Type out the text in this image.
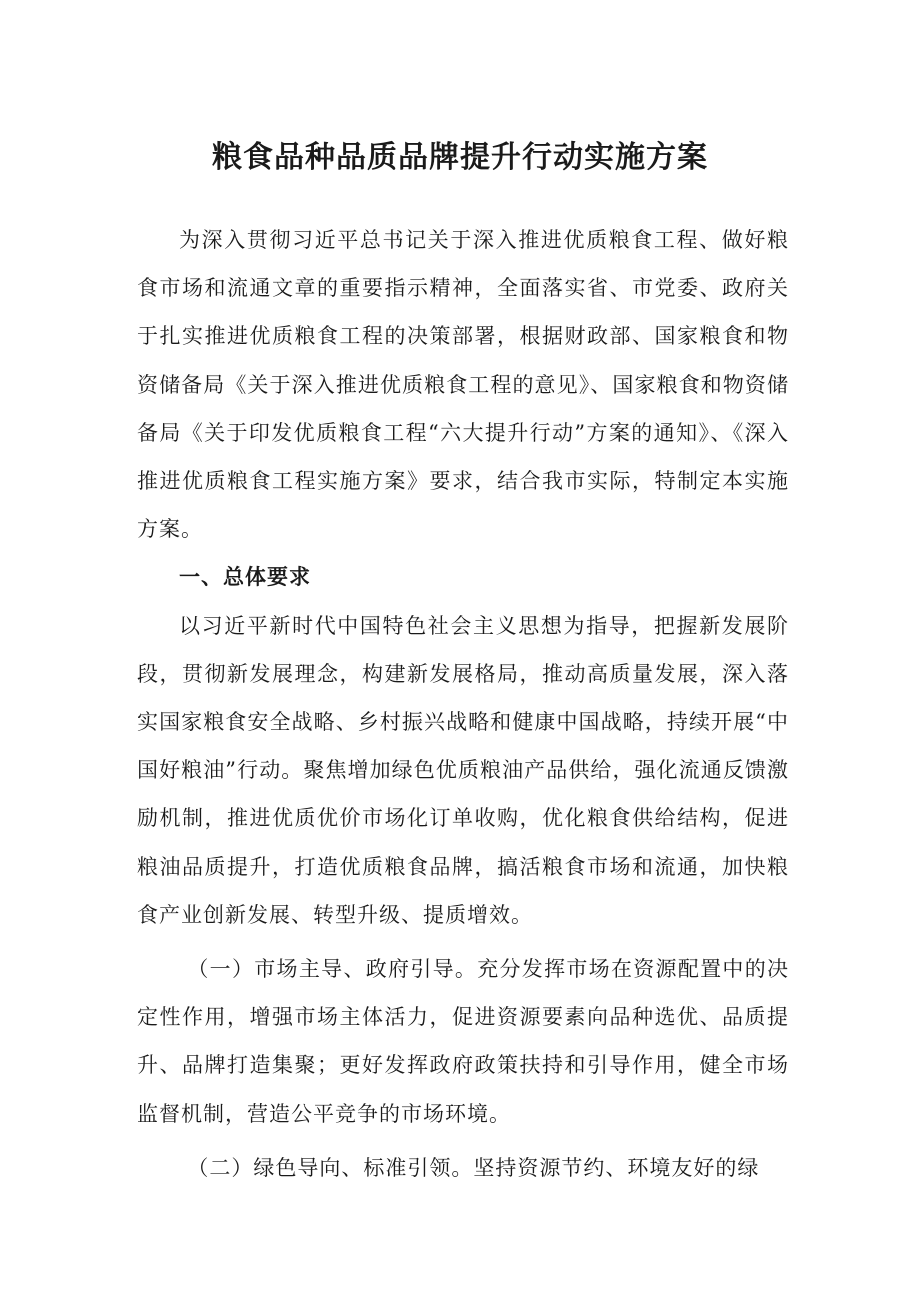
粮食品种品质品牌提升行动实施方案

为深入贯彻习近平总书记关于深入推进优质粮食工程、做好粮食市场和流通文章的重要指示精神，全面落实省、市党委、政府关于扎实推进优质粮食工程的决策部署，根据财政部、国家粮食和物资储备局《关于深入推进优质粮食工程的意见》、国家粮食和物资储备局《关于印发优质粮食工程“六大提升行动”方案的通知》、《深入推进优质粮食工程实施方案》要求，结合我市实际，特制定本实施方案。

一、总体要求

以习近平新时代中国特色社会主义思想为指导，把握新发展阶段，贯彻新发展理念，构建新发展格局，推动高质量发展，深入落实国家粮食安全战略、乡村振兴战略和健康中国战略，持续开展“中国好粮油”行动。聚焦增加绿色优质粮油产品供给，强化流通反馈激励机制，推进优质优价市场化订单收购，优化粮食供给结构，促进粮油品质提升，打造优质粮食品牌，搞活粮食市场和流通，加快粮食产业创新发展、转型升级、提质增效。

（一）市场主导、政府引导。充分发挥市场在资源配置中的决定性作用，增强市场主体活力，促进资源要素向品种选优、品质提升、品牌打造集聚；更好发挥政府政策扶持和引导作用，健全市场监督机制，营造公平竞争的市场环境。

（二）绿色导向、标准引领。坚持资源节约、环境友好的绿
